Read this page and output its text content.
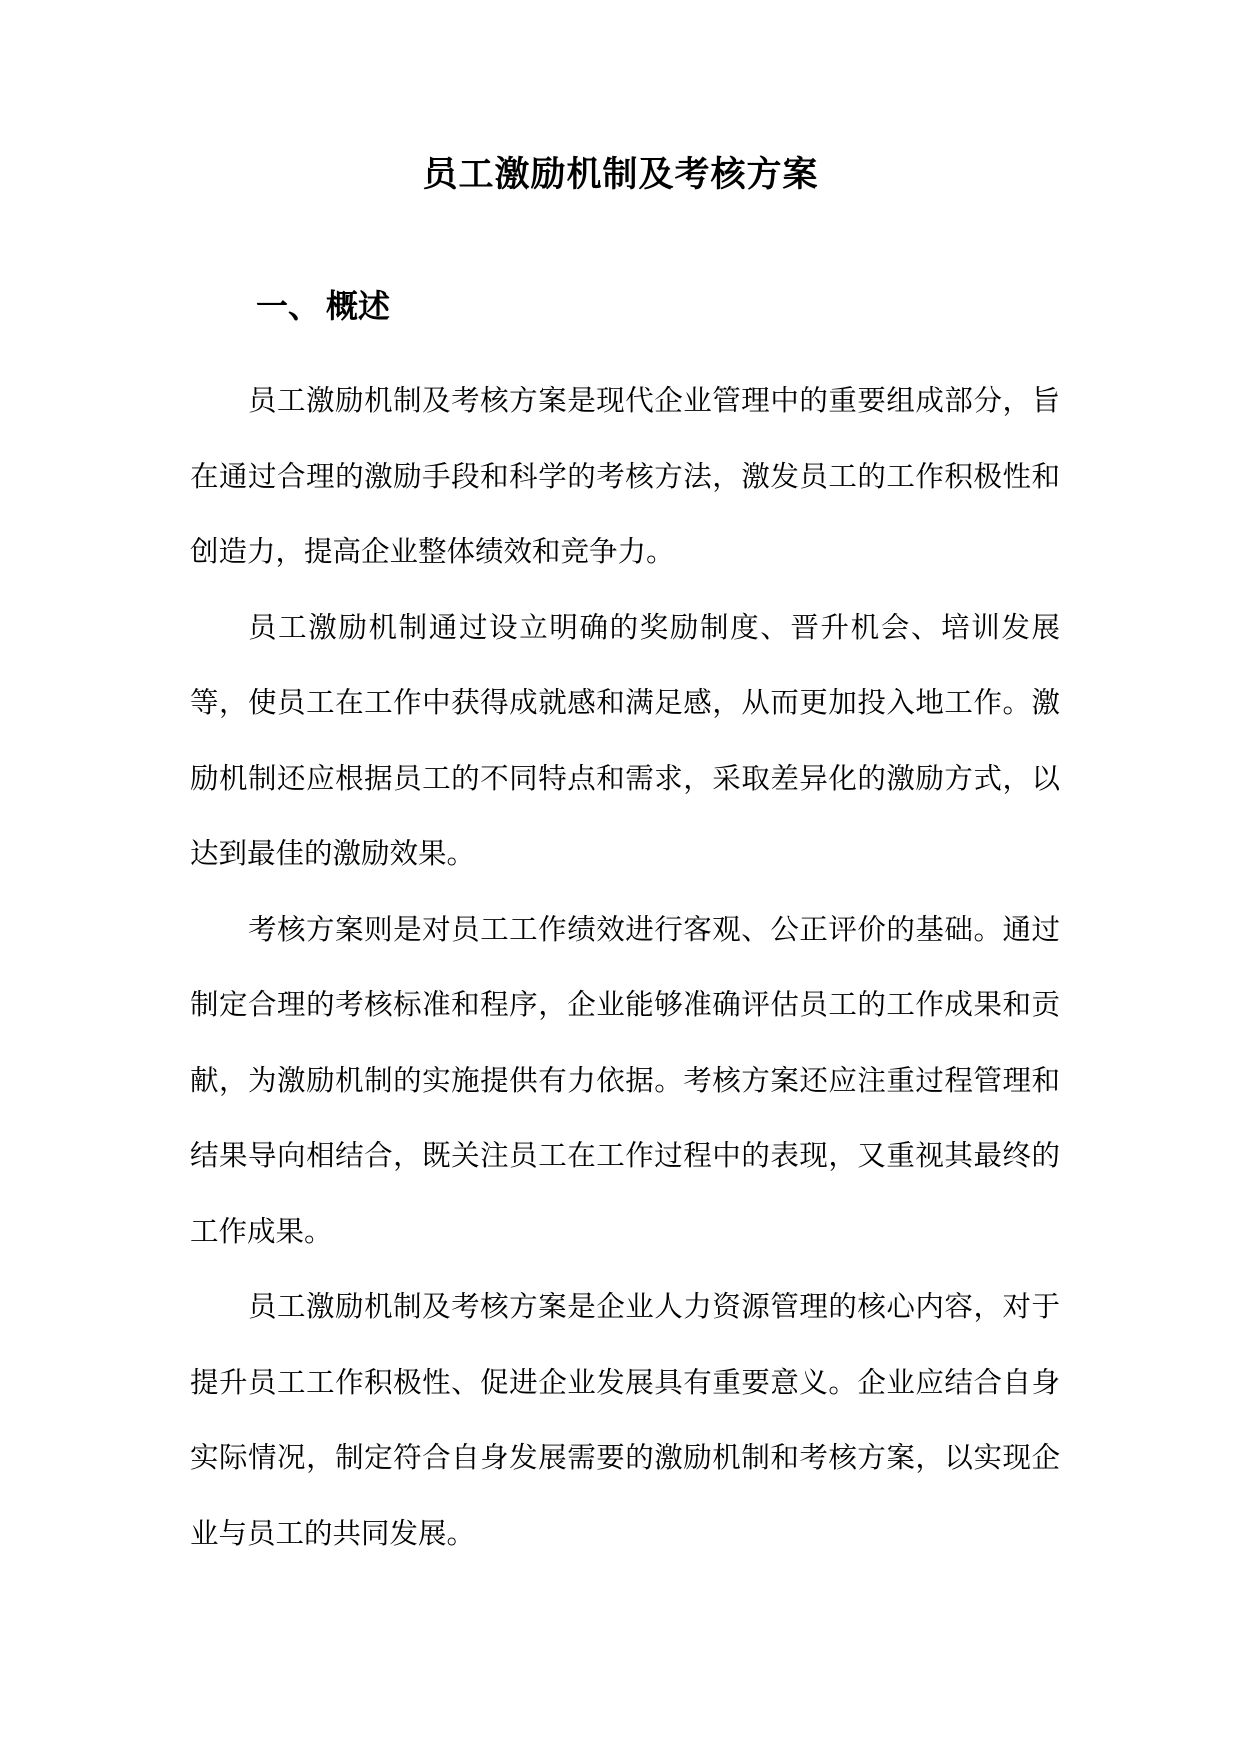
员工激励机制及考核方案
一、 概述

员工激励机制及考核方案是现代企业管理中的重要组成部分，旨在通过合理的激励手段和科学的考核方法，激发员工的工作积极性和创造力，提高企业整体绩效和竞争力。

员工激励机制通过设立明确的奖励制度、晋升机会、培训发展等，使员工在工作中获得成就感和满足感，从而更加投入地工作。激励机制还应根据员工的不同特点和需求，采取差异化的激励方式，以达到最佳的激励效果。

考核方案则是对员工工作绩效进行客观、公正评价的基础。通过制定合理的考核标准和程序，企业能够准确评估员工的工作成果和贡献，为激励机制的实施提供有力依据。考核方案还应注重过程管理和结果导向相结合，既关注员工在工作过程中的表现，又重视其最终的工作成果。

员工激励机制及考核方案是企业人力资源管理的核心内容，对于提升员工工作积极性、促进企业发展具有重要意义。企业应结合自身实际情况，制定符合自身发展需要的激励机制和考核方案，以实现企业与员工的共同发展。
